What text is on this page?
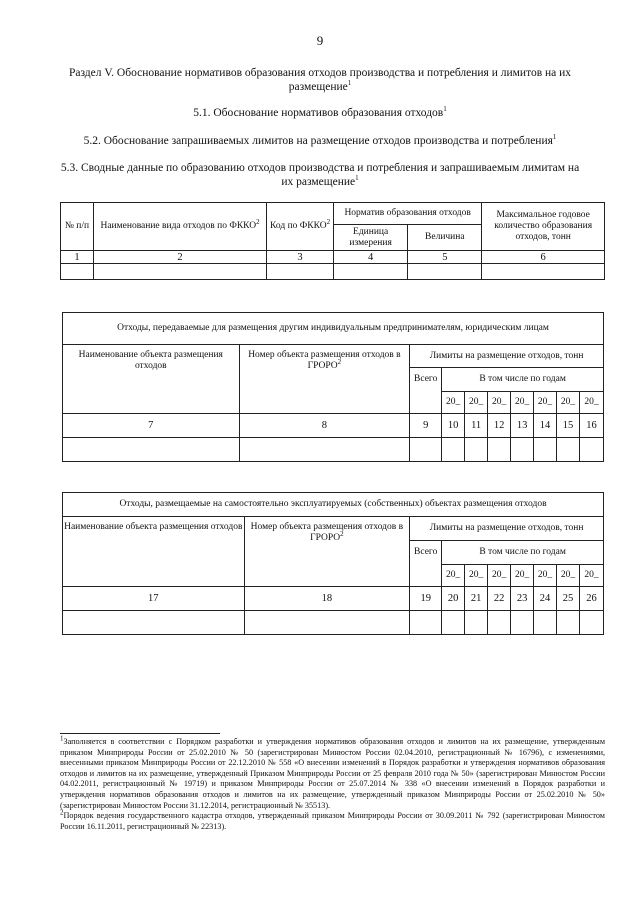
9
Раздел V. Обоснование нормативов образования отходов производства и потребления и лимитов на их
размещение$^1$
5.1. Обоснование нормативов образования отходов$^1$
5.2. Обоснование запрашиваемых лимитов на размещение отходов производства и потребления$^1$
5.3. Сводные данные по образованию отходов производства и потребления и запрашиваемым лимитам на
их размещение$^1$
№ п/п	Наименование вида отходов по ФККО$^2$	Код по ФККО$^2$	Норматив образования отходов		Максимальное годовое количество образования отходов, тонн
			Единица измерения	Величина	
1	2	3	4	5	6

Отходы, передаваемые для размещения другим индивидуальным предпринимателям, юридическим лицам									
Наименование объекта размещения отходов	Номер объекта размещения отходов в ГРОРО$^2$	Лимиты на размещение отходов, тонн							
		Всего	В том числе по годам						
			20_	20_	20_	20_	20_	20_	20_
7	8	9	10	11	12	13	14	15	16

Отходы, размещаемые на самостоятельно эксплуатируемых (собственных) объектах размещения отходов									
Наименование объекта размещения отходов	Номер объекта размещения отходов в ГРОРО$^2$	Лимиты на размещение отходов, тонн							
		Всего	В том числе по годам						
			20_	20_	20_	20_	20_	20_	20_
17	18	19	20	21	22	23	24	25	26

$^1$Заполняется в соответствии с Порядком разработки и утверждения нормативов образования отходов и лимитов на их размещение, утвержденным приказом Минприроды России от 25.02.2010 № 50 (зарегистрирован Минюстом России 02.04.2010, регистрационный № 16796), с изменениями, внесенными приказом Минприроды России от 22.12.2010 № 558 «О внесении изменений в Порядок разработки и утверждения нормативов образования отходов и лимитов на их размещение, утвержденный Приказом Минприроды России от 25 февраля 2010 года № 50» (зарегистрирован Минюстом России 04.02.2011, регистрационный № 19719) и приказом Минприроды России от 25.07.2014 № 338 «О внесении изменений в Порядок разработки и утверждения нормативов образования отходов и лимитов на их размещение, утвержденный приказом Минприроды России от 25.02.2010 № 50» (зарегистрирован Минюстом России 31.12.2014, регистрационный № 35513).
$^2$Порядок ведения государственного кадастра отходов, утвержденный приказом Минприроды России от 30.09.2011 № 792 (зарегистрирован Минюстом России 16.11.2011, регистрационный № 22313).
